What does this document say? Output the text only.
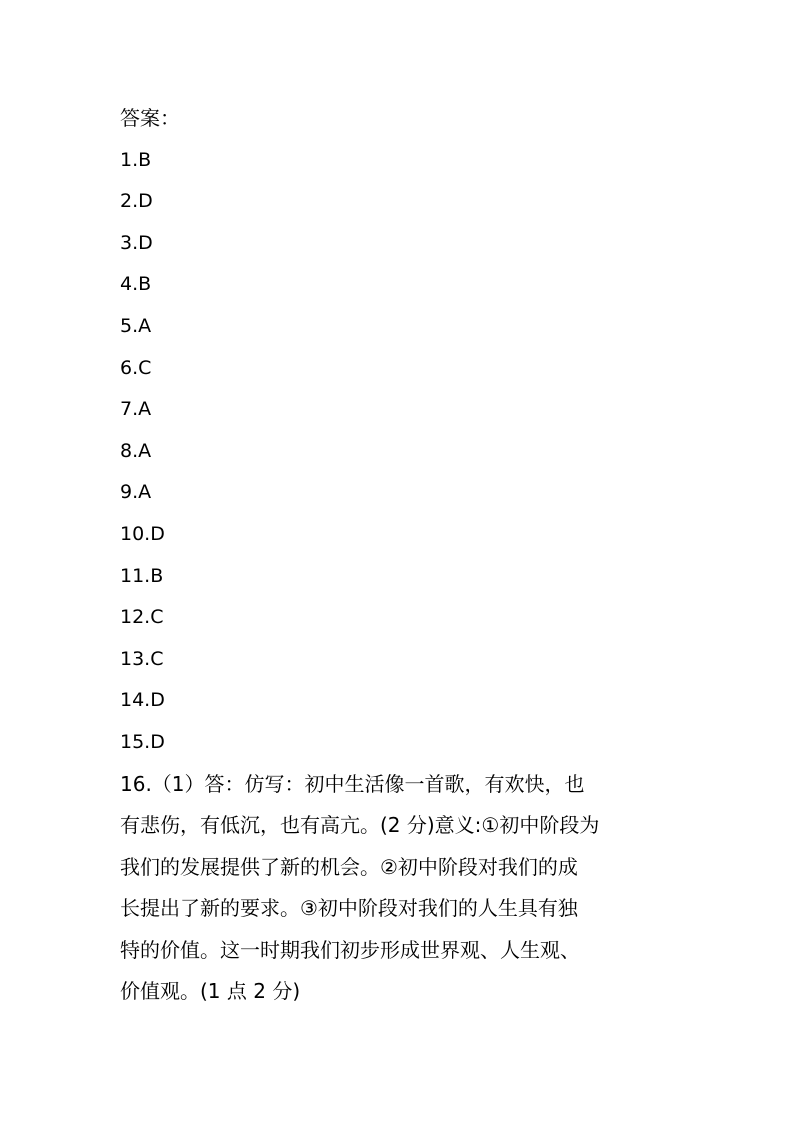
答案：
1.B
2.D
3.D
4.B
5.A
6.C
7.A
8.A
9.A
10.D
11.B
12.C
13.C
14.D
15.D
16.（1）答：仿写：初中生活像一首歌，有欢快，也
有悲伤，有低沉，也有高亢。(2 分)意义:①初中阶段为
我们的发展提供了新的机会。②初中阶段对我们的成
长提出了新的要求。③初中阶段对我们的人生具有独
特的价值。这一时期我们初步形成世界观、人生观、
价值观。(1 点 2 分)
